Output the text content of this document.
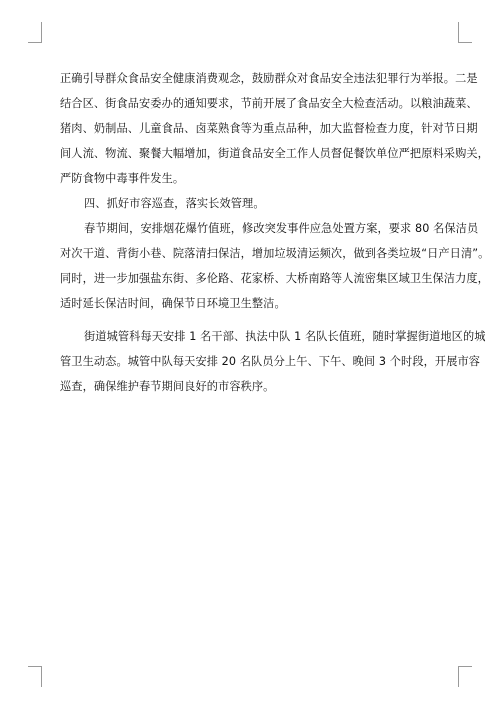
正确引导群众食品安全健康消费观念，鼓励群众对食品安全违法犯罪行为举报。二是
结合区、街食品安委办的通知要求，节前开展了食品安全大检查活动。以粮油蔬菜、
猪肉、奶制品、儿童食品、卤菜熟食等为重点品种，加大监督检查力度，针对节日期
间人流、物流、聚餐大幅增加，街道食品安全工作人员督促餐饮单位严把原料采购关，
严防食物中毒事件发生。

四、抓好市容巡查，落实长效管理。

春节期间，安排烟花爆竹值班，修改突发事件应急处置方案，要求 80 名保洁员
对次干道、背街小巷、院落清扫保洁，增加垃圾清运频次，做到各类垃圾“日产日清”。
同时，进一步加强盐东街、多伦路、花家桥、大桥南路等人流密集区域卫生保洁力度，
适时延长保洁时间，确保节日环境卫生整洁。

街道城管科每天安排 1 名干部、执法中队 1 名队长值班，随时掌握街道地区的城
管卫生动态。城管中队每天安排 20 名队员分上午、下午、晚间 3 个时段，开展市容
巡查，确保维护春节期间良好的市容秩序。
